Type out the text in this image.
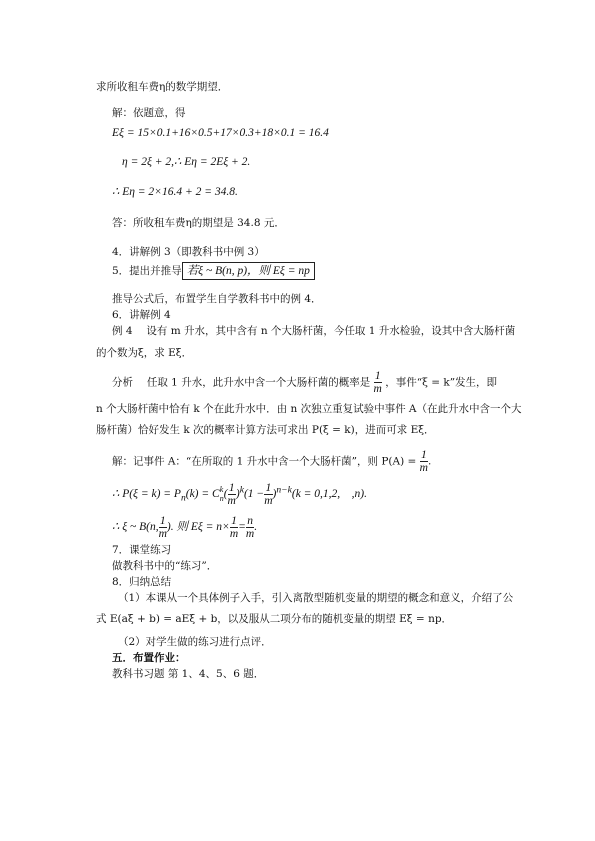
求所收租车费η的数学期望．
解：依题意，得
Eξ = 15×0.1+16×0.5+17×0.3+18×0.1 = 16.4
η = 2ξ + 2,∴ Eη = 2Eξ + 2.
∴ Eη = 2×16.4 + 2 = 34.8.
答：所收租车费η的期望是 34.8 元．
4．讲解例 3（即教科书中例 3）
5．提出并推导 若ξ ~ B(n, p)，则 Eξ = np
推导公式后，布置学生自学教科书中的例 4．
6．讲解例 4
例 4　 设有 m 升水，其中含有 n 个大肠杆菌，今任取 1 升水检验，设其中含大肠杆菌
的个数为ξ，求 Eξ．
分析　 任取 1 升水，此升水中含一个大肠杆菌的概率是 $\frac{1}{m}$ ，事件“ξ = k”发生，即
n 个大肠杆菌中恰有 k 个在此升水中．由 n 次独立重复试验中事件 A（在此升水中含一个大
肠杆菌）恰好发生 k 次的概率计算方法可求出 P(ξ = k)，进而可求 Eξ．
解：记事件 A：“在所取的 1 升水中含一个大肠杆菌”，则 $P(A) = \frac{1}{m}$ .
∴ $P(\xi = k) = P_n(k) = C$ k
n ( $\frac{1}{m} )^k(1 - \frac{1}{m} )^{n-k}(k = 0,1,2$,　,n).
∴ ξ ~ B(n, $\frac{1}{m}$ ). 则 $E\xi = n\times \frac{1}{m} = \frac{n}{m}$ .
7．课堂练习
做教科书中的“练习”．
8．归纳总结
（1）本课从一个具体例子入手，引入离散型随机变量的期望的概念和意义，介绍了公
式 E(aξ + b) = aEξ + b，以及服从二项分布的随机变量的期望 Eξ = np．
（2）对学生做的练习进行点评．
五．布置作业：
教科书习题 第 1、4、5、6 题．
